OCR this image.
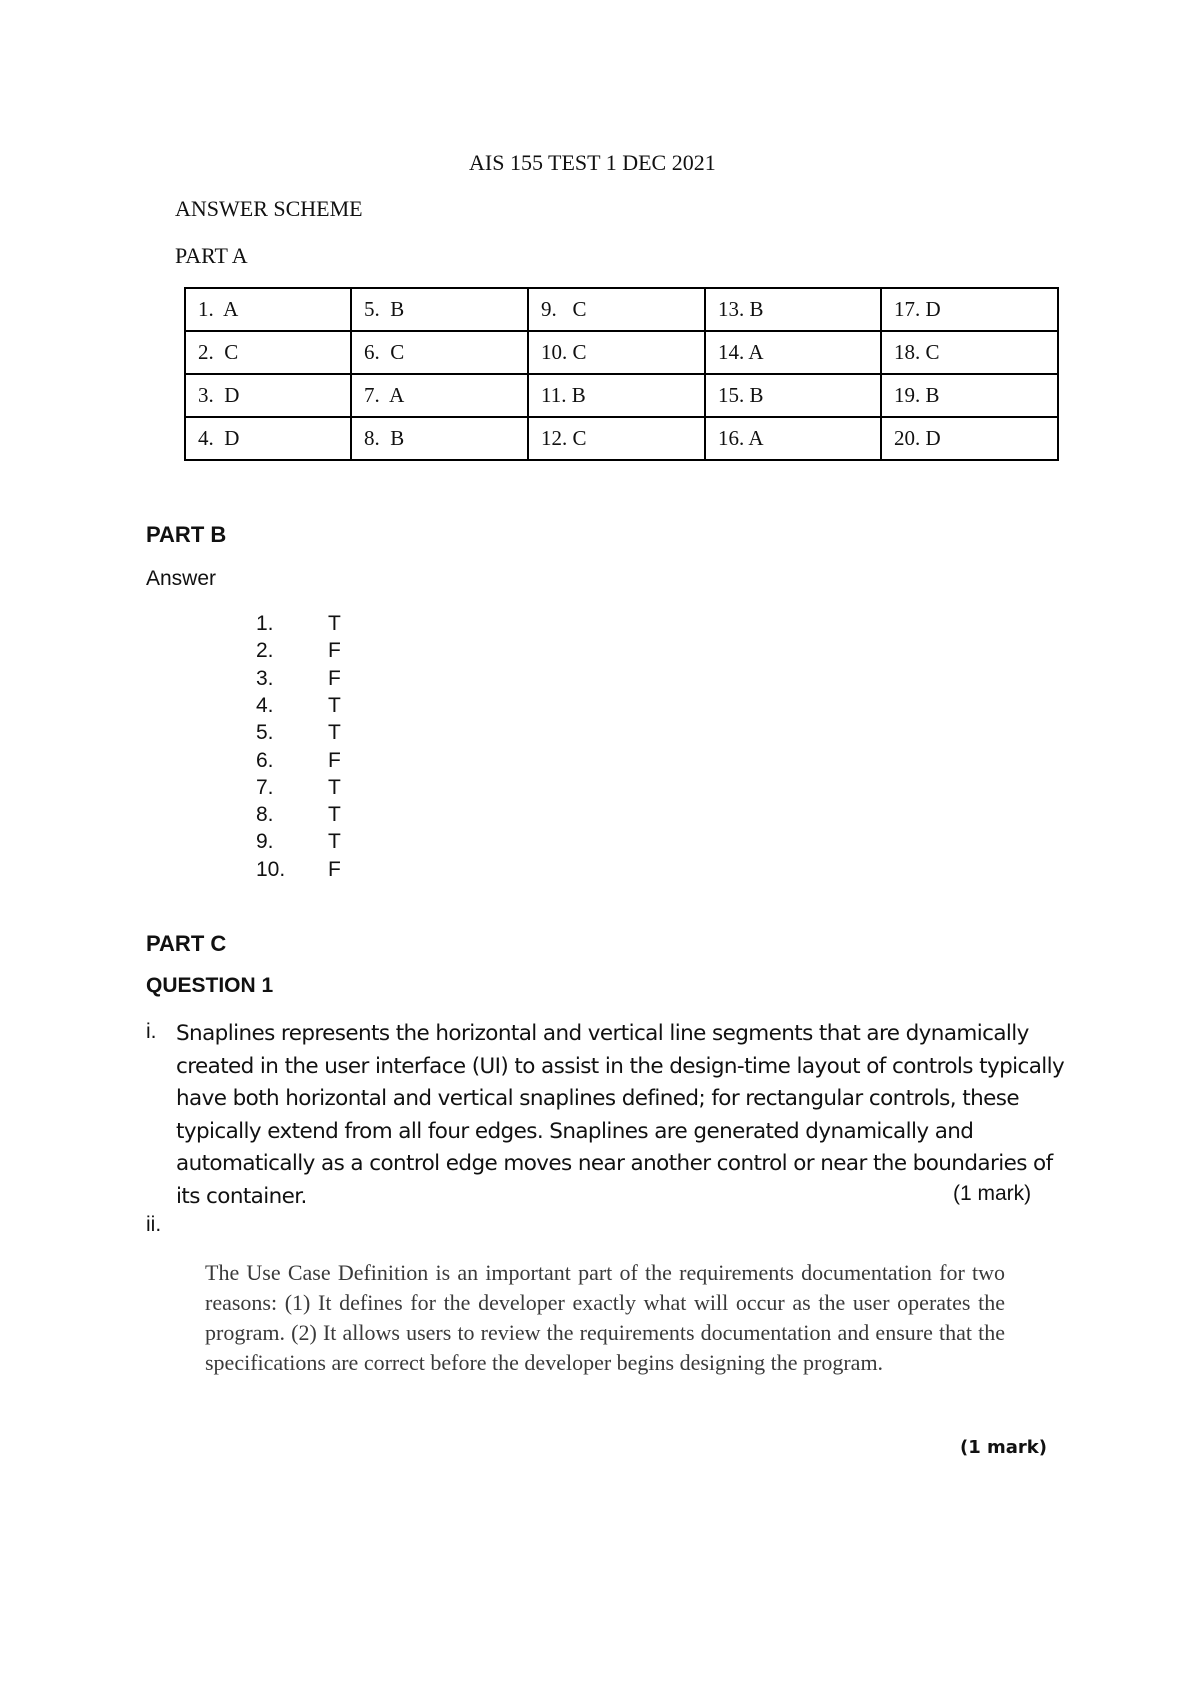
AIS 155 TEST 1 DEC 2021
ANSWER SCHEME
PART A
1.  A	5.  B	9.   C	13. B	17. D
2.  C	6.  C	10. C	14. A	18. C
3.  D	7.  A	11. B	15. B	19. B
4.  D	8.  B	12. C	16. A	20. D
PART B
Answer
1.	T
2.	F
3.	F
4.	T
5.	T
6.	F
7.	T
8.	T
9.	T
10.	F
PART C
QUESTION 1
i. Snaplines represents the horizontal and vertical line segments that are dynamically created in the user interface (UI) to assist in the design-time layout of controls typically have both horizontal and vertical snaplines defined; for rectangular controls, these typically extend from all four edges. Snaplines are generated dynamically and automatically as a control edge moves near another control or near the boundaries of its container.	(1 mark)
ii.
The Use Case Definition is an important part of the requirements documentation for two reasons: (1) It defines for the developer exactly what will occur as the user operates the program. (2) It allows users to review the requirements documentation and ensure that the specifications are correct before the developer begins designing the program.
(1 mark)
